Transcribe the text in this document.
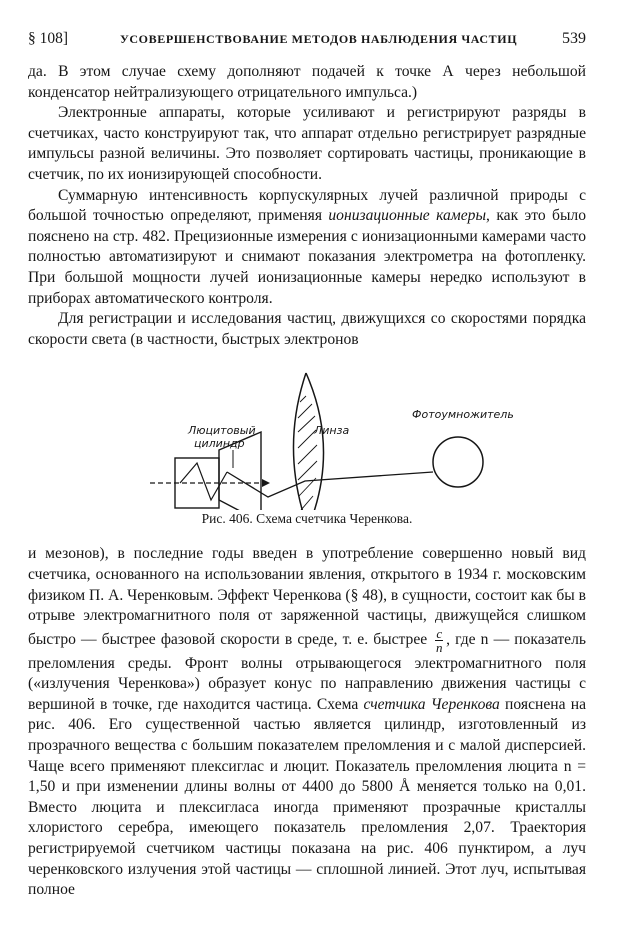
§ 108]	УСОВЕРШЕНСТВОВАНИЕ МЕТОДОВ НАБЛЮДЕНИЯ ЧАСТИЦ	539

да. В этом случае схему дополняют подачей к точке А через небольшой конденсатор нейтрализующего отрицательного импульса.)

Электронные аппараты, которые усиливают и регистрируют разряды в счетчиках, часто конструируют так, что аппарат отдельно регистрирует разрядные импульсы разной величины. Это позволяет сортировать частицы, проникающие в счетчик, по их ионизирующей способности.

Суммарную интенсивность корпускулярных лучей различной природы с большой точностью определяют, применяя ионизационные камеры, как это было пояснено на стр. 482. Прецизионные измерения с ионизационными камерами часто полностью автоматизируют и снимают показания электрометра на фотопленку. При большой мощности лучей ионизационные камеры нередко используют в приборах автоматического контроля.

Для регистрации и исследования частиц, движущихся со скоростями порядка скорости света (в частности, быстрых электронов

Люцитовый
цилиндр
Линза
Фотоумножитель
Рис. 406. Схема счетчика Черенкова.

и мезонов), в последние годы введен в употребление совершенно новый вид счетчика, основанного на использовании явления, открытого в 1934 г. московским физиком П. А. Черенковым. Эффект Черенкова (§ 48), в сущности, состоит как бы в отрыве электромагнитного поля от заряженной частицы, движущейся слишком быстро — быстрее фазовой скорости в среде, т. е. быстрее $\frac{c}{n}$ , где n — показатель преломления среды. Фронт волны отрывающегося электромагнитного поля («излучения Черенкова») образует конус по направлению движения частицы с вершиной в точке, где находится частица. Схема счетчика Черенкова пояснена на рис. 406. Его существенной частью является цилиндр, изготовленный из прозрачного вещества с большим показателем преломления и с малой дисперсией. Чаще всего применяют плексиглас и люцит. Показатель преломления люцита n = 1,50 и при изменении длины волны от 4400 до 5800 Å меняется только на 0,01. Вместо люцита и плексигласа иногда применяют прозрачные кристаллы хлористого серебра, имеющего показатель преломления 2,07. Траектория регистрируемой счетчиком частицы показана на рис. 406 пунктиром, а луч черенковского излучения этой частицы — сплошной линией. Этот луч, испытывая полное
